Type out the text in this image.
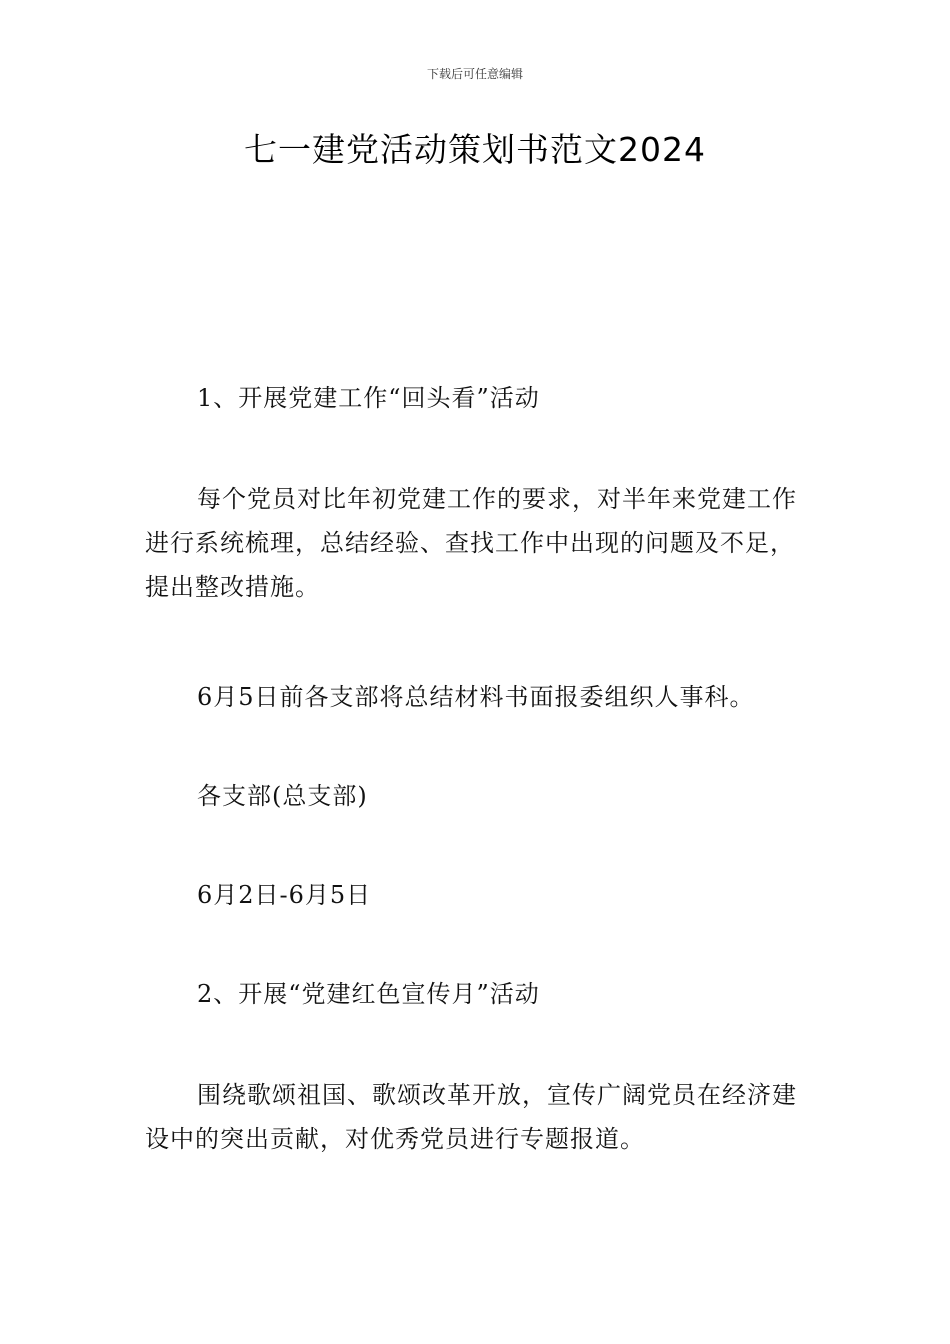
下载后可任意编辑
七一建党活动策划书范文2024
1、开展党建工作“回头看”活动
每个党员对比年初党建工作的要求，对半年来党建工作进行系统梳理，总结经验、查找工作中出现的问题及不足，提出整改措施。
6月5日前各支部将总结材料书面报委组织人事科。
各支部(总支部)
6月2日-6月5日
2、开展“党建红色宣传月”活动
围绕歌颂祖国、歌颂改革开放，宣传广阔党员在经济建设中的突出贡献，对优秀党员进行专题报道。
